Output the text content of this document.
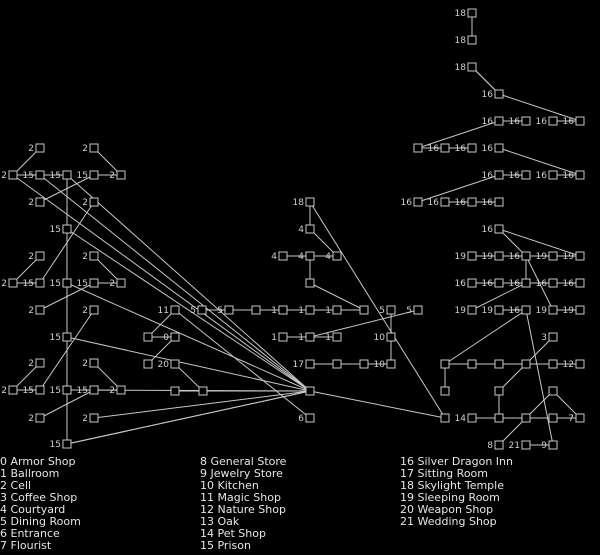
15
15
15
15
15
15
15
2
2
2
15 2
2
2
15
2
2
2
15 2
2
2
15
2
2
2
15 2
2
2
20
0
11
6
17	10
10
5 5
1
1	1
1
1
5
5	1
4
4	4
4
18
12
3
14	7
8 21 9
16
19
19
16
16
19 19
16
16	16 16
19
19	19 19
16
16
16
16
16
16 16 16 16
16
16
16
16 16 16 16
16
18
18
18
0 Armor Shop
1 Ballroom
2 Cell
3 Coffee Shop
4 Courtyard
5 Dining Room
6 Entrance
7 Flourist
8 General Store
9 Jewelry Store
10 Kitchen
11 Magic Shop
12 Nature Shop
13 Oak
14 Pet Shop
15 Prison
16 Silver Dragon Inn
17 Sitting Room
18 Skylight Temple
19 Sleeping Room
20 Weapon Shop
21 Wedding Shop
